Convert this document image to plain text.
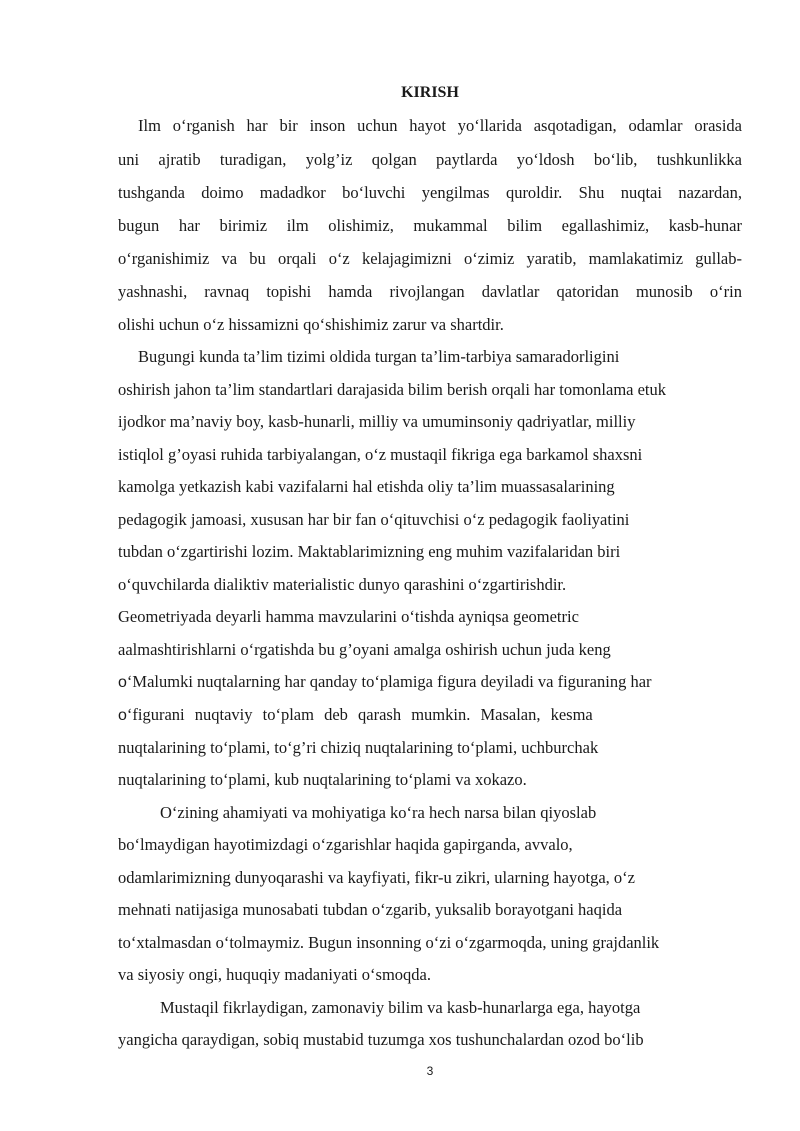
KIRISH
Ilm o‘rganish har bir inson uchun hayot yo‘llarida asqotadigan, odamlar orasida
uni ajratib turadigan, yolg’iz qolgan paytlarda yo‘ldosh bo‘lib, tushkunlikka
tushganda doimo madadkor bo‘luvchi yengilmas quroldir. Shu nuqtai nazardan,
bugun har birimiz ilm olishimiz, mukammal bilim egallashimiz, kasb-hunar
o‘rganishimiz va bu orqali o‘z kelajagimizni o‘zimiz yaratib, mamlakatimiz gullab-
yashnashi, ravnaq topishi hamda rivojlangan davlatlar qatoridan munosib o‘rin
olishi uchun o‘z hissamizni qo‘shishimiz zarur va shartdir.
Bugungi kunda ta’lim tizimi oldida turgan ta’lim-tarbiya samaradorligini
oshirish jahon ta’lim standartlari darajasida bilim berish orqali har tomonlama etuk
ijodkor ma’naviy boy, kasb-hunarli, milliy va umuminsoniy qadriyatlar, milliy
istiqlol g’oyasi ruhida tarbiyalangan, o‘z mustaqil fikriga ega barkamol shaxsni
kamolga yetkazish kabi vazifalarni hal etishda oliy ta’lim muassasalarining
pedagogik jamoasi, xususan har bir fan o‘qituvchisi o‘z pedagogik faoliyatini
tubdan o‘zgartirishi lozim. Maktablarimizning eng muhim vazifalaridan biri
o‘quvchilarda dialiktiv materialistic dunyo qarashini o‘zgartirishdir.
Geometriyada deyarli hamma mavzularini o‘tishda ayniqsa geometric
aalmashtirishlarni o‘rgatishda bu g’oyani amalga oshirish uchun juda keng
o‘Malumki nuqtalarning har qanday to‘plamiga figura deyiladi va figuraning har
o‘figurani nuqtaviy to‘plam deb qarash mumkin. Masalan, kesma
nuqtalarining to‘plami, to‘g’ri chiziq nuqtalarining to‘plami, uchburchak
nuqtalarining to‘plami, kub nuqtalarining to‘plami va xokazo.
O‘zining ahamiyati va mohiyatiga ko‘ra hech narsa bilan qiyoslab
bo‘lmaydigan hayotimizdagi o‘zgarishlar haqida gapirganda, avvalo,
odamlarimizning dunyoqarashi va kayfiyati, fikr-u zikri, ularning hayotga, o‘z
mehnati natijasiga munosabati tubdan o‘zgarib, yuksalib borayotgani haqida
to‘xtalmasdan o‘tolmaymiz. Bugun insonning o‘zi o‘zgarmoqda, uning grajdanlik
va siyosiy ongi, huquqiy madaniyati o‘smoqda.
Mustaqil fikrlaydigan, zamonaviy bilim va kasb-hunarlarga ega, hayotga
yangicha qaraydigan, sobiq mustabid tuzumga xos tushunchalardan ozod bo‘lib
3
